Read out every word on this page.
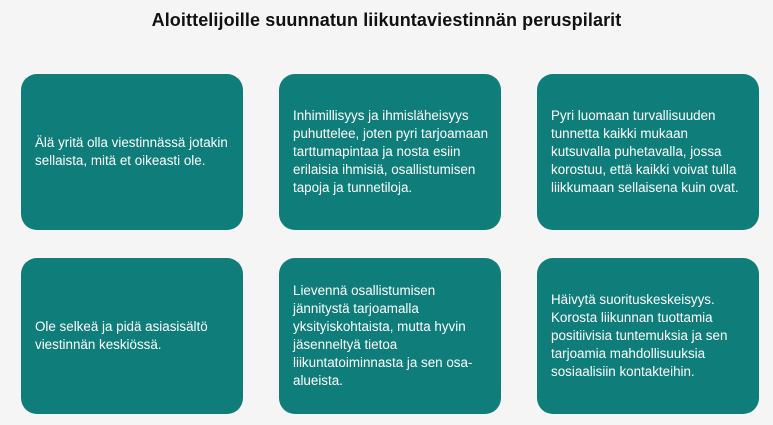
Aloittelijoille suunnatun liikuntaviestinnän peruspilarit
Älä yritä olla viestinnässä jotakin sellaista, mitä et oikeasti ole.
Inhimillisyys ja ihmisläheisyys puhuttelee, joten pyri tarjoamaan tarttumapintaa ja nosta esiin erilaisia ihmisiä, osallistumisen tapoja ja tunnetiloja.
Pyri luomaan turvallisuuden tunnetta kaikki mukaan kutsuvalla puhetavalla, jossa korostuu, että kaikki voivat tulla liikkumaan sellaisena kuin ovat.
Ole selkeä ja pidä asiasisältö viestinnän keskiössä.
Lievennä osallistumisen jännitystä tarjoamalla yksityiskohtaista, mutta hyvin jäsenneltyä tietoa liikuntatoiminnasta ja sen osa-alueista.
Häivytä suorituskeskeisyys. Korosta liikunnan tuottamia positiivisia tuntemuksia ja sen tarjoamia mahdollisuuksia sosiaalisiin kontakteihin.
